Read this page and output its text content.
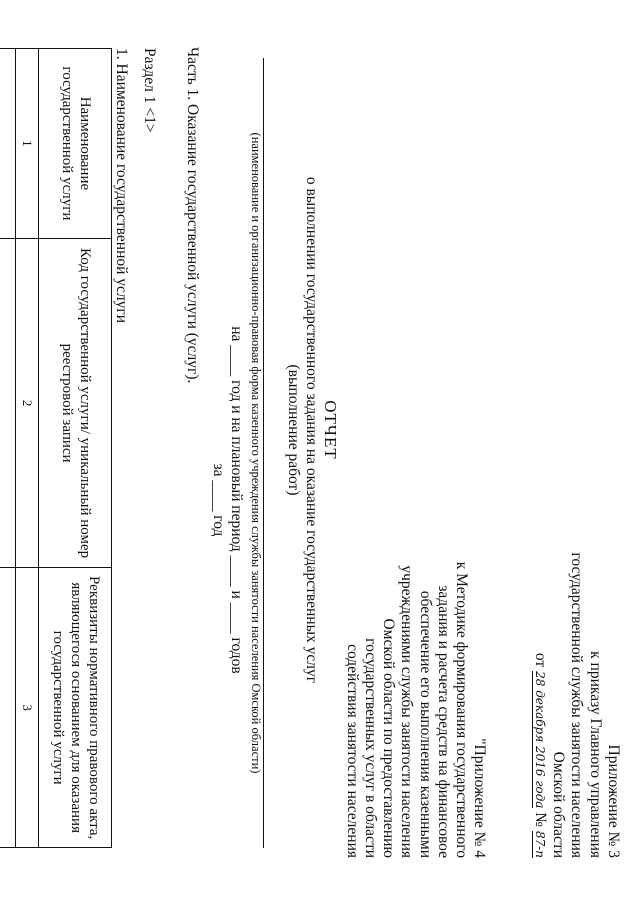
Приложение № 3
к приказу Главного управления
государственной службы занятости населения
Омской области
от 28 декабря 2016 года № 87-п
"Приложение № 4
к Методике формирования государственного
задания и расчета средств на финансовое
обеспечение его выполнения казенными
учреждениями службы занятости населения
Омской области по предоставлению
государственных услуг в области
содействия занятости населения
ОТЧЕТ
о выполнении государственного задания на оказание государственных услуг (выполнение работ)
(наименование и организационно-правовая форма казенного учреждения службы занятости населения Омской области)
на ____ год и на плановый период ____ и ____ годов
за ____ год
Часть 1. Оказание государственной услуги (услуг).
Раздел 1 <1>
1. Наименование государственной услуги
Наименование государственной услуги	Код государственной услуги/ уникальный номер реестровой записи	Реквизиты нормативного правового акта, являющегося основанием для оказания государственной услуги
1	2	3
